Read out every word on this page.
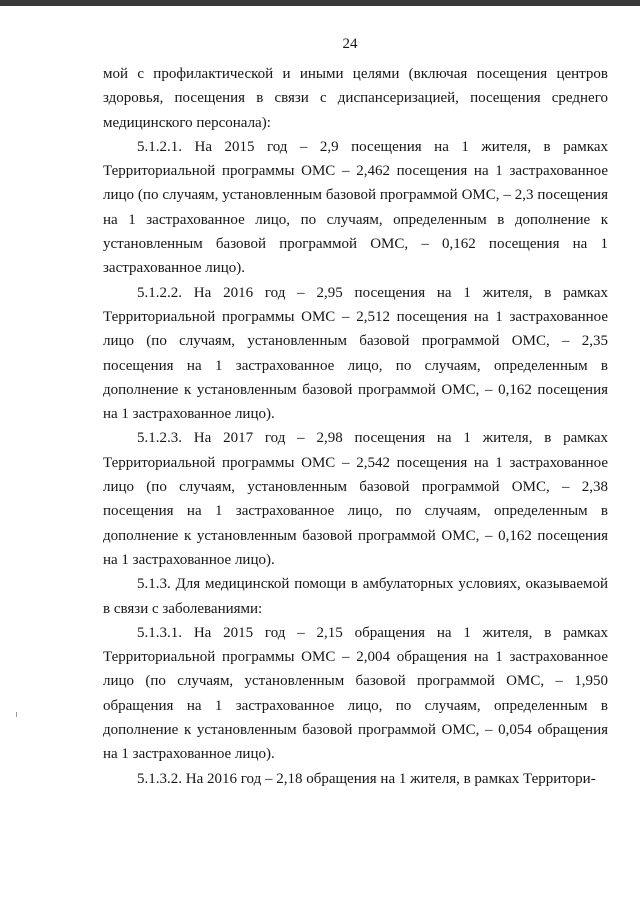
24

мой с профилактической и иными целями (включая посещения центров здоровья, посещения в связи с диспансеризацией, посещения среднего медицинского персонала):

5.1.2.1. На 2015 год – 2,9 посещения на 1 жителя, в рамках Территориальной программы ОМС – 2,462 посещения на 1 застрахованное лицо (по случаям, установленным базовой программой ОМС, – 2,3 посещения на 1 застрахованное лицо, по случаям, определенным в дополнение к установленным базовой программой ОМС, – 0,162 посещения на 1 застрахованное лицо).

5.1.2.2. На 2016 год – 2,95 посещения на 1 жителя, в рамках Территориальной программы ОМС – 2,512 посещения на 1 застрахованное лицо (по случаям, установленным базовой программой ОМС, – 2,35 посещения на 1 застрахованное лицо, по случаям, определенным в дополнение к установленным базовой программой ОМС, – 0,162 посещения на 1 застрахованное лицо).

5.1.2.3. На 2017 год – 2,98 посещения на 1 жителя, в рамках Территориальной программы ОМС – 2,542 посещения на 1 застрахованное лицо (по случаям, установленным базовой программой ОМС, – 2,38 посещения на 1 застрахованное лицо, по случаям, определенным в дополнение к установленным базовой программой ОМС, – 0,162 посещения на 1 застрахованное лицо).

5.1.3. Для медицинской помощи в амбулаторных условиях, оказываемой в связи с заболеваниями:

5.1.3.1. На 2015 год – 2,15 обращения на 1 жителя, в рамках Территориальной программы ОМС – 2,004 обращения на 1 застрахованное лицо (по случаям, установленным базовой программой ОМС, – 1,950 обращения на 1 застрахованное лицо, по случаям, определенным в дополнение к установленным базовой программой ОМС, – 0,054 обращения на 1 застрахованное лицо).

5.1.3.2. На 2016 год – 2,18 обращения на 1 жителя, в рамках Территори-
